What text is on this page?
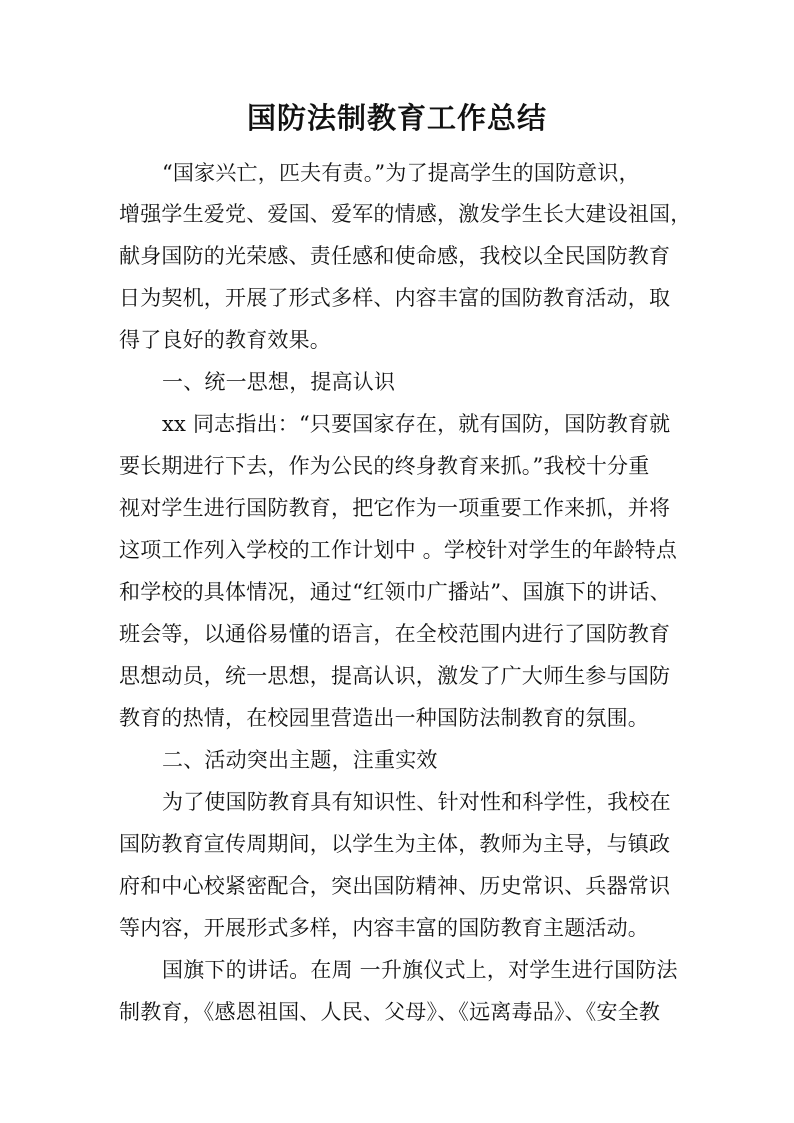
国防法制教育工作总结
“国家兴亡，匹夫有责。”为了提高学生的国防意识，
增强学生爱党、爱国、爱军的情感，激发学生长大建设祖国，
献身国防的光荣感、责任感和使命感，我校以全民国防教育
日为契机，开展了形式多样、内容丰富的国防教育活动，取
得了良好的教育效果。
一、统一思想，提高认识
xx 同志指出：“只要国家存在，就有国防，国防教育就
要长期进行下去，作为公民的终身教育来抓。”我校十分重
视对学生进行国防教育，把它作为一项重要工作来抓，并将
这项工作列入学校的工作计划中 。学校针对学生的年龄特点
和学校的具体情况，通过“红领巾广播站”、国旗下的讲话、
班会等，以通俗易懂的语言，在全校范围内进行了国防教育
思想动员，统一思想，提高认识，激发了广大师生参与国防
教育的热情，在校园里营造出一种国防法制教育的氛围。
二、活动突出主题，注重实效
为了使国防教育具有知识性、针对性和科学性，我校在
国防教育宣传周期间，以学生为主体，教师为主导，与镇政
府和中心校紧密配合，突出国防精神、历史常识、兵器常识
等内容，开展形式多样，内容丰富的国防教育主题活动。
国旗下的讲话。在周 一升旗仪式上，对学生进行国防法
制教育，《感恩祖国、人民、父母》、《远离毒品》、《安全教
